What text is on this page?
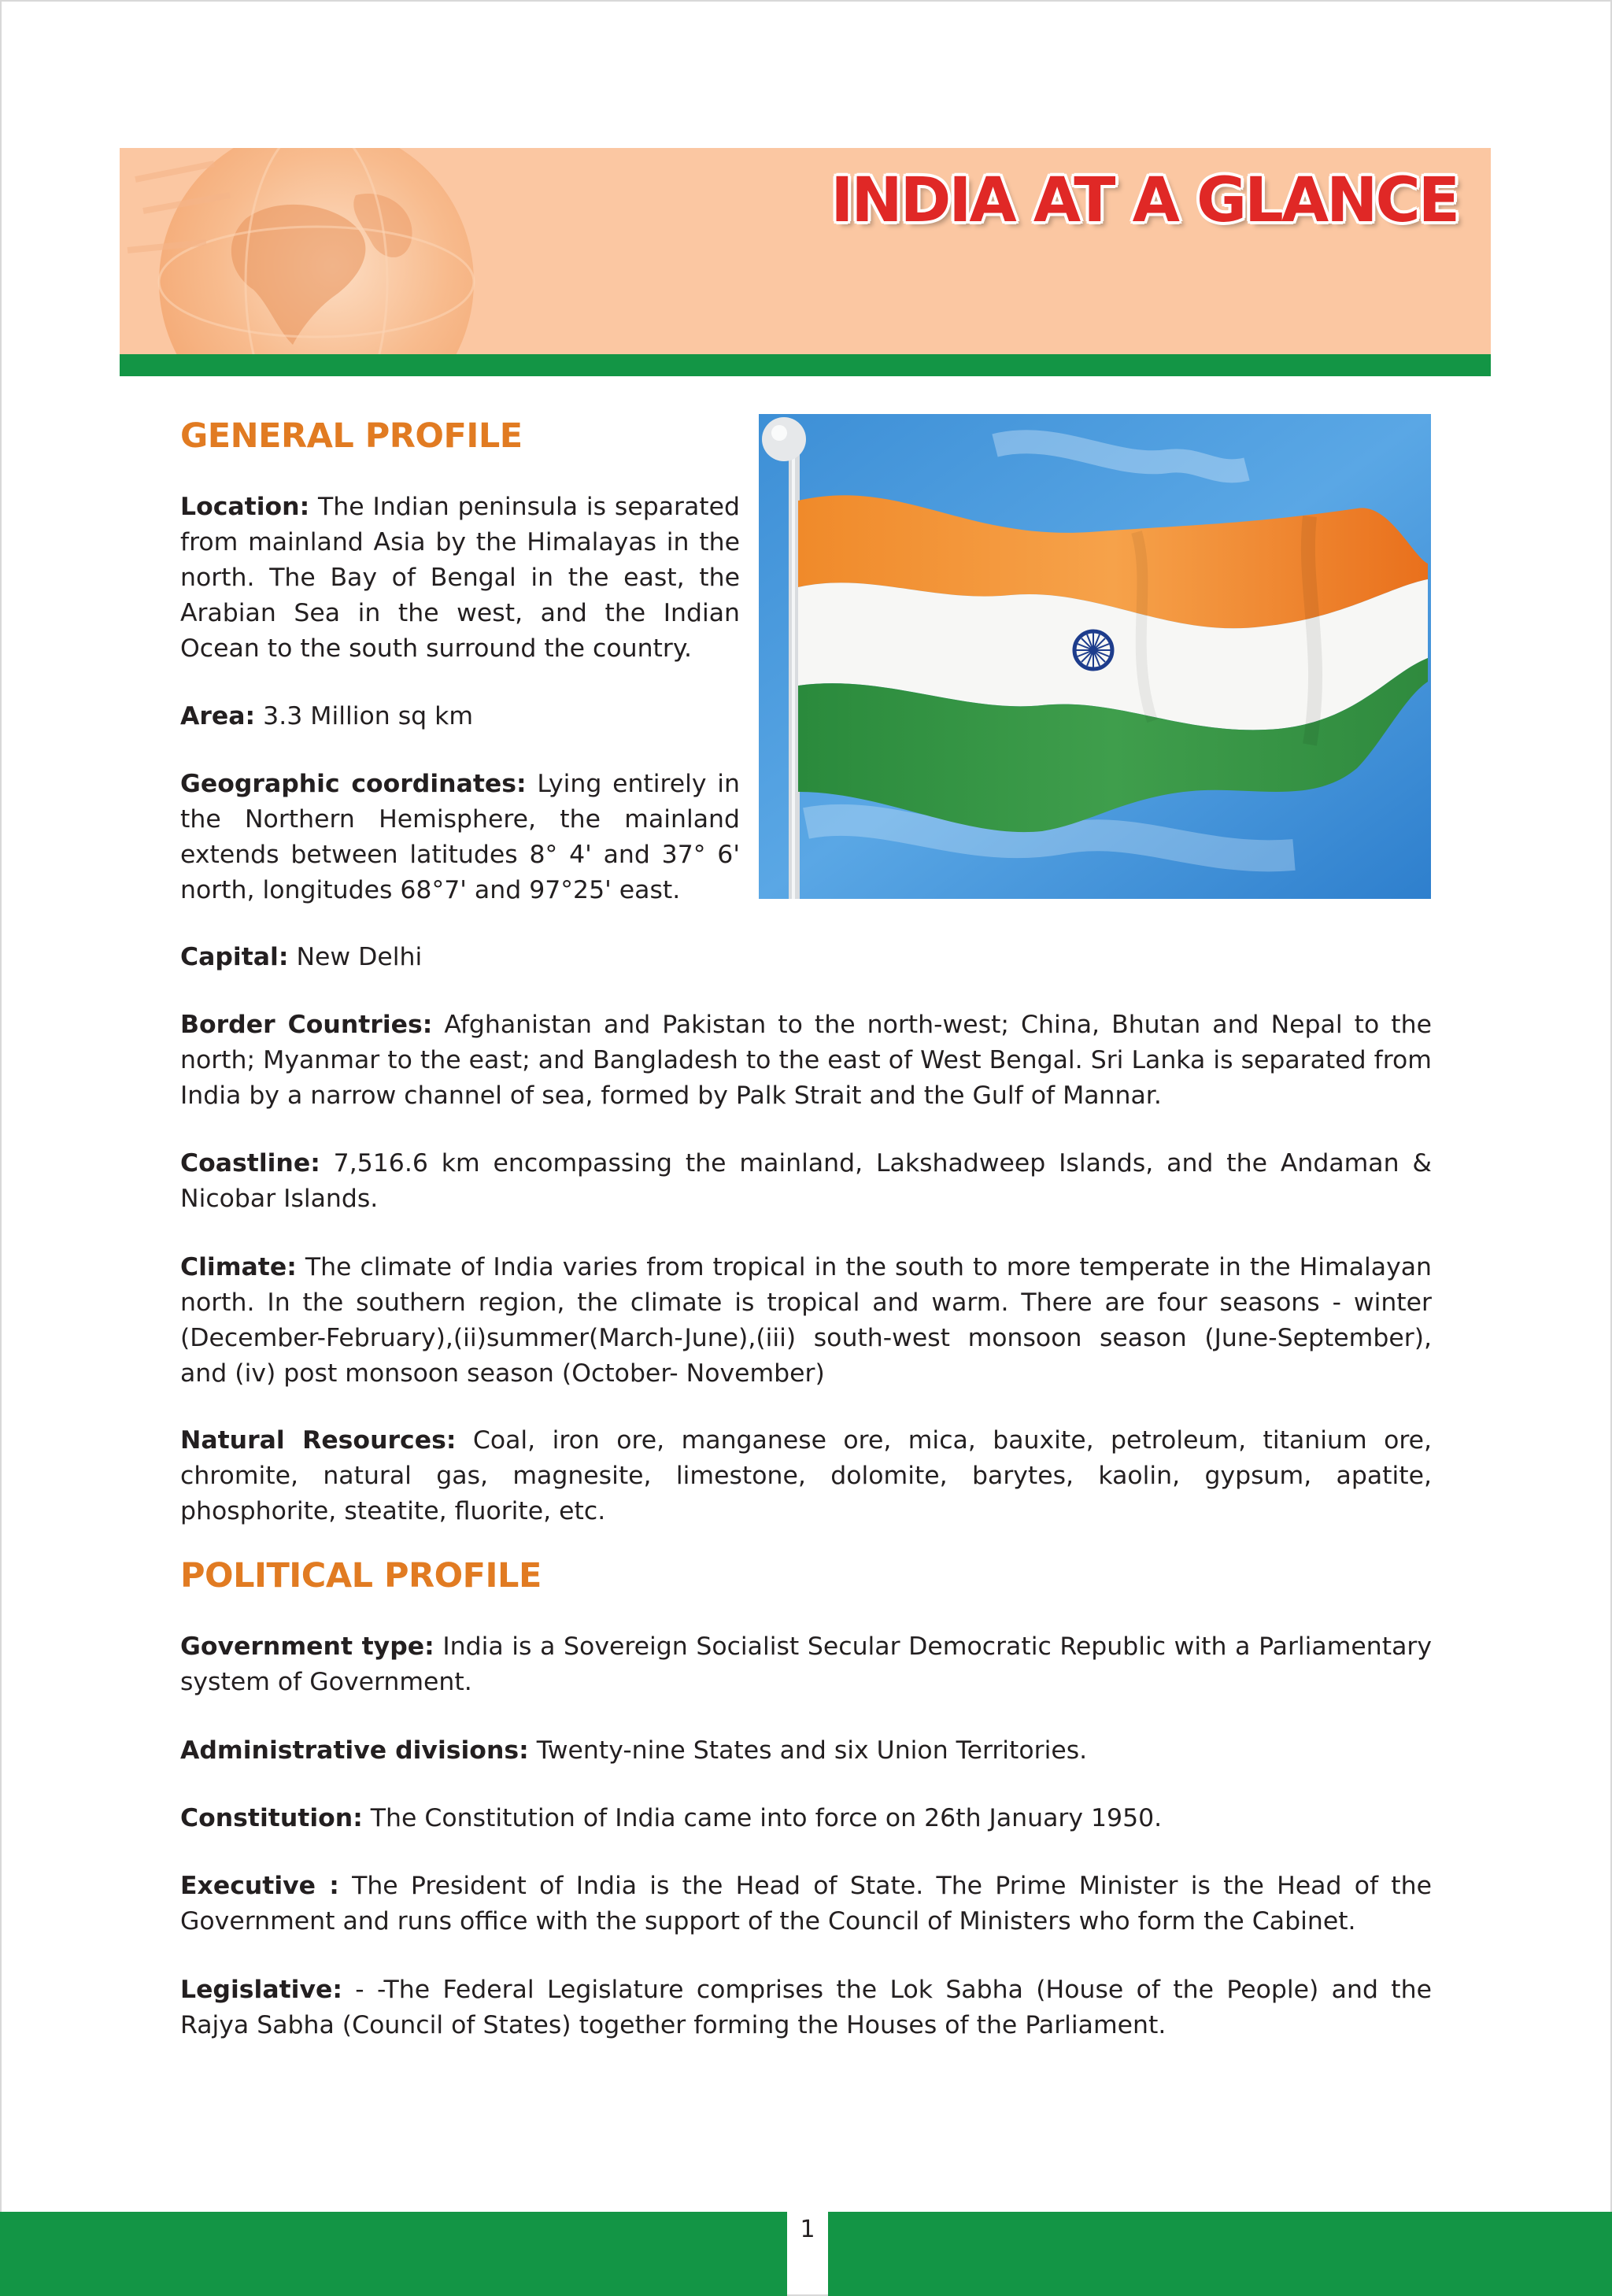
INDIA AT A GLANCE
GENERAL PROFILE

Location: The Indian peninsula is separated from mainland Asia by the Himalayas in the north. The Bay of Bengal in the east, the Arabian Sea in the west, and the Indian Ocean to the south surround the country.

Area: 3.3 Million sq km

Geographic coordinates: Lying entirely in the Northern Hemisphere, the mainland extends between latitudes 8° 4' and 37° 6' north, longitudes 68°7' and 97°25' east.

Capital: New Delhi

Border Countries: Afghanistan and Pakistan to the north-west; China, Bhutan and Nepal to the north; Myanmar to the east; and Bangladesh to the east of West Bengal. Sri Lanka is separated from India by a narrow channel of sea, formed by Palk Strait and the Gulf of Mannar.

Coastline: 7,516.6 km encompassing the mainland, Lakshadweep Islands, and the Andaman & Nicobar Islands.

Climate: The climate of India varies from tropical in the south to more temperate in the Himalayan north. In the southern region, the climate is tropical and warm. There are four seasons - winter (December-February),(ii)summer(March-June),(iii) south-west monsoon season (June-September), and (iv) post monsoon season (October- November)

Natural Resources: Coal, iron ore, manganese ore, mica, bauxite, petroleum, titanium ore, chromite, natural gas, magnesite, limestone, dolomite, barytes, kaolin, gypsum, apatite, phosphorite, steatite, fluorite, etc.

POLITICAL PROFILE

Government type: India is a Sovereign Socialist Secular Democratic Republic with a Parliamentary system of Government.

Administrative divisions: Twenty-nine States and six Union Territories.

Constitution: The Constitution of India came into force on 26th January 1950.

Executive : The President of India is the Head of State. The Prime Minister is the Head of the Government and runs office with the support of the Council of Ministers who form the Cabinet.

Legislative: - -The Federal Legislature comprises the Lok Sabha (House of the People) and the Rajya Sabha (Council of States) together forming the Houses of the Parliament.

1
